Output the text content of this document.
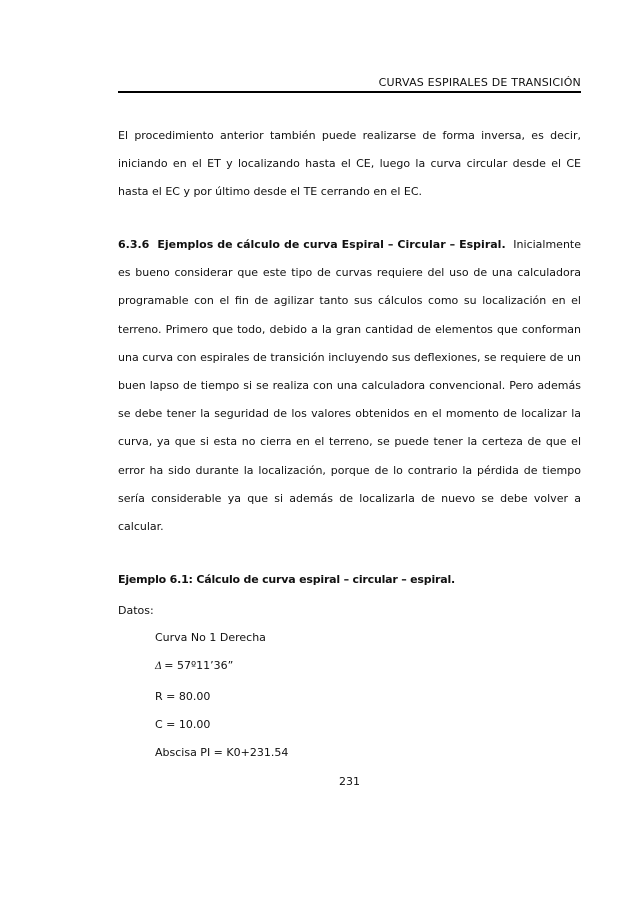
CURVAS ESPIRALES DE TRANSICIÓN

El procedimiento anterior también puede realizarse de forma inversa, es decir, iniciando en el ET y localizando hasta el CE, luego la curva circular desde el CE hasta el EC y por último desde el TE cerrando en el EC.

6.3.6 Ejemplos de cálculo de curva Espiral – Circular – Espiral. Inicialmente es bueno considerar que este tipo de curvas requiere del uso de una calculadora programable con el fin de agilizar tanto sus cálculos como su localización en el terreno. Primero que todo, debido a la gran cantidad de elementos que conforman una curva con espirales de transición incluyendo sus deflexiones, se requiere de un buen lapso de tiempo si se realiza con una calculadora convencional. Pero además se debe tener la seguridad de los valores obtenidos en el momento de localizar la curva, ya que si esta no cierra en el terreno, se puede tener la certeza de que el error ha sido durante la localización, porque de lo contrario la pérdida de tiempo sería considerable ya que si además de localizarla de nuevo se debe volver a calcular.

Ejemplo 6.1: Cálculo de curva espiral – circular – espiral.
Datos:
Curva No 1 Derecha
Δ = 57º11’36”
R = 80.00
C = 10.00
Abscisa PI = K0+231.54
231
